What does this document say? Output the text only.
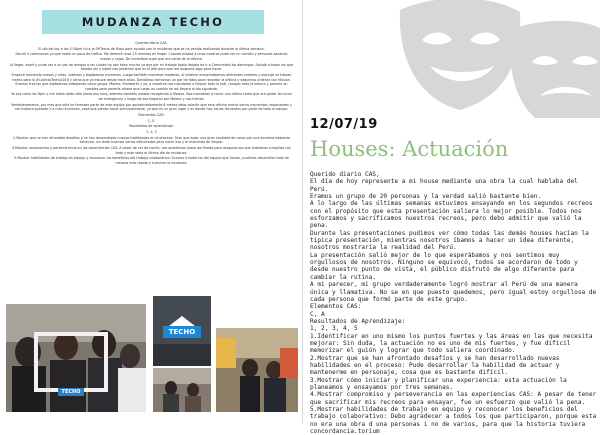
MUDANZA TECHO

Querido diario CAS,

El día de hoy a las 5:30pm fui a la OfiTecho de Rioja para ayudar con la mudanza que se ha venido realizando durante la última semana.

Decidí ir caminando ya que había un poco de tráfico. Me demoré unos 15 minutos en llegar. Cuando estaba a unas cuadras pude ver un camión y personas sacando mesas y cajas. De inmediato supe que era venía de la oficina.

Al llegar, entré y pude ver a un par de amigos a los cuales no veo hace mucho ya que por mi trabajo había dejado de ir a Comunidad los domingos. Saludé a todos los que estaba ahí y hablé con Jonathan que es el jefe para que me asignara algo para hacer.

Empecé moviendo mesas y sillas, subimos y bajábamos escaleras. Luego también movimos maderas. Al ordenar encontrábamos diferentes cartelas y marcaje se habían hecho para la #ColectaTecho2018 y otras que yo estuve desde hace años. Decidimos tomarnos un par de fotos para recordar la oficina y seguimos ordenar con Música. Eramos tres los que estábamos trabajando como grupo, Molero, Humberto y yo, a nosotros nos mandaron a limpiar todo lo Jodi, recoger todo la basura y ponerla en costales para ponerla afuera que luego un camión se los llevara al día siguiente.

Ya era como las 8pm y me había dado sólo hasta esa hora, además también estaba recogiendo a Molero. Nos mandaron a hacer una última tarea que era quitar las luces de emergencia y luego de eso llegaron por Molero y nos fuimos.

Verdaderamente, por más que sólo he formado parte de este equipo por aproximadamente 6 meses debo admitir que esta oficina marcó varios momentos importantes y me hubiera gustado ir a más reuniones, cosa que pienso hacer principalmente, ya que es un gran lugar y es donde hay varias recuerdos por parte de todo el equipo.

Elementos CAS:

C, S.

Resultados de aprendizaje:

2, 4, 5

2.Mostrar que se han afrontado desafíos y se han desarrollado nuevas habilidades en el proceso: Tuve que bajar una gran cantidad de cosas por una escalera bastante estrecha, sin duda tuvimos varias dificultades para hacer eso y al momento de limpiar.

4.Mostrar compromiso y perseverancia en las experiencias CAS: A pesar de ser de noche, nos quedamos hasta las finales para asegurarnos que habíamos cumplido con todo y este sería el último día de mudanza.

5.Mostrar habilidades de trabajo en equipo y reconocer los beneficios del trabajo colaborativo: Gracias a todos los del equipo que fueron, pudimos desarrollar todo de manera más rápido y culminar la mudanza.

TECHO
TECHO
12/07/19
Houses: Actuación

Querido diario CAS,

El día de hoy represente a mi house mediante una obra la cual hablaba del Perú.

Eramos un grupo de 20 personas y la verdad salió bastante bien.

A lo largo de las últimas semanas estuvimos ensayando en los segundos recreos con el propósito que esta presentación saliera lo mejor posible. Todos nos esforzamos y sacrificamos nuestros recreos, pero debo admitir que valió la pena.

Durante las presentaciones pudimos ver cómo todas las demás houses hacían la típica presentación, mientras nosotros íbamos a hacer un idea diferente, nosotros mostraría la realidad del Perú.

La presentación salió mejor de lo que esperábamos y nos sentimos muy orgullosos de nosotros. Ninguno se equivocó, todos se acordaron de todo y desde nuestro punto de vista, el público disfrutó de algo diferente para cambiar la rutina.

A mi parecer, mi grupo verdaderamente logró mostrar al Perú de una manera única y llamativa. No se en que puesto quedemos, pero igual estoy orgullosa de cada persona que formó parte de este grupo.

Elementos CAS:

C, A

Resultados de Aprendizaje:

1, 2, 3, 4, 5

1.Identificar en uno mismo los puntos fuertes y las áreas en las que necesita mejorar: Sin duda, la actuación no es uno de mis fuertes, y fue difícil memorizar el guión y lograr que todo saliera coordinado.

2.Mostrar que se han afrontado desafíos y se han desarrollado nuevas habilidades en el proceso: Pude desarrollar la habilidad de actuar y mantenerme en personaje, cosa que es bastante difícil.

3.Mostrar cómo iniciar y planificar una experiencia: esta actuación la planeamos y ensayamos por tres semanas.

4.Mostrar compromiso y perseverancia en las experiencias CAS: A pesar de tener que sacrificar mis recreos para ensayar, fue un esfuerzo que valió la pena.

5.Mostrar habilidades de trabajo en equipo y reconocer los beneficios del trabajo colaborativo: Debo agradecer a todos los que participaron, porque esta no era una obra d una personas i no de varios, para que la historia tuviera concordancia.torium
